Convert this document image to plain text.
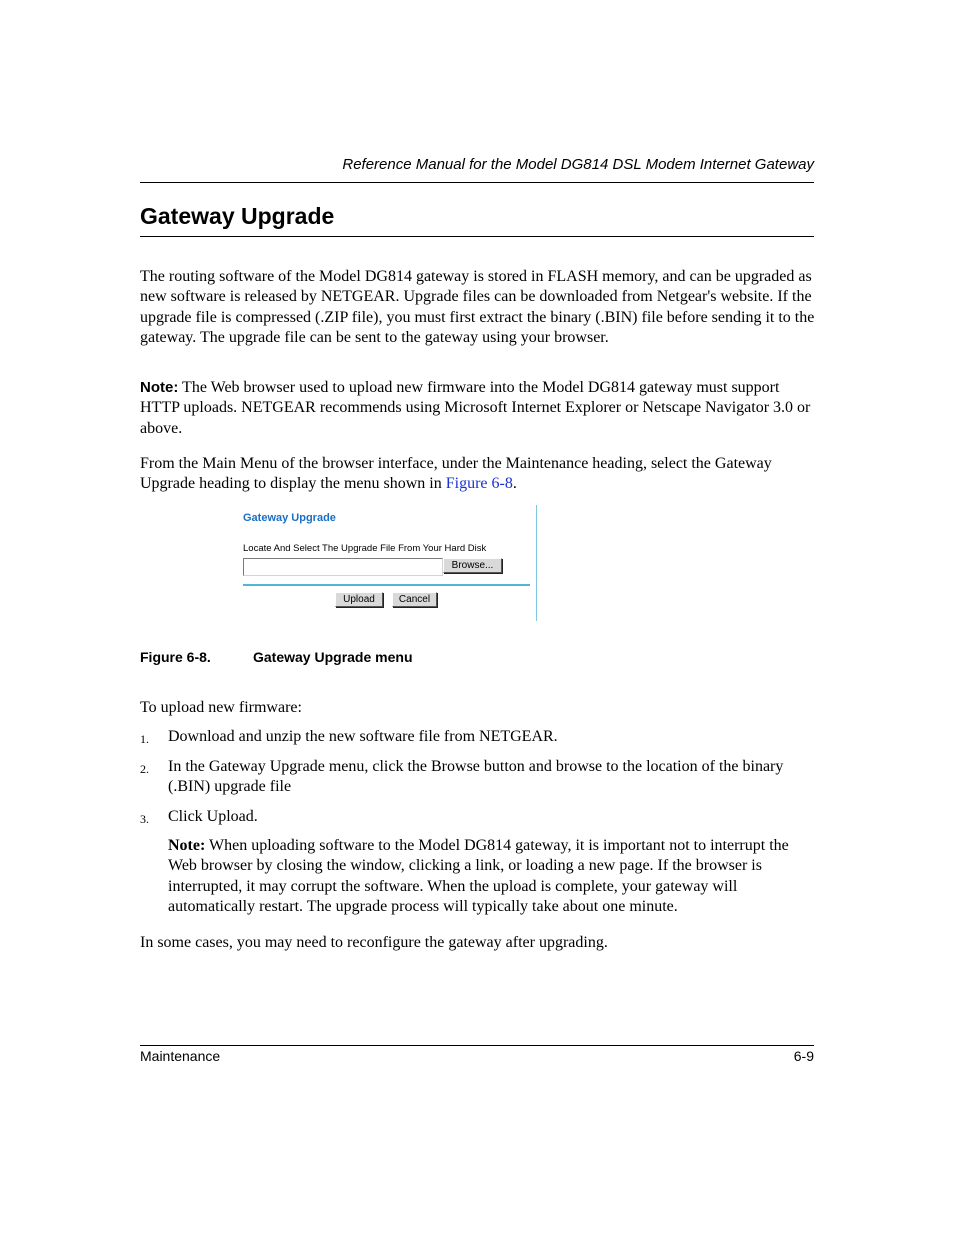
Reference Manual for the Model DG814 DSL Modem Internet Gateway
Gateway Upgrade
The routing software of the Model DG814 gateway is stored in FLASH memory, and can be upgraded as new software is released by NETGEAR. Upgrade files can be downloaded from Netgear's website. If the upgrade file is compressed (.ZIP file), you must first extract the binary (.BIN) file before sending it to the gateway. The upgrade file can be sent to the gateway using your browser.
Note: The Web browser used to upload new firmware into the Model DG814 gateway must support HTTP uploads. NETGEAR recommends using Microsoft Internet Explorer or Netscape Navigator 3.0 or above.
From the Main Menu of the browser interface, under the Maintenance heading, select the Gateway Upgrade heading to display the menu shown in Figure 6-8.
Gateway Upgrade
Locate And Select The Upgrade File From Your Hard Disk
Browse...
Upload	Cancel
Figure 6-8.	Gateway Upgrade menu
To upload new firmware:
1. Download and unzip the new software file from NETGEAR.
2. In the Gateway Upgrade menu, click the Browse button and browse to the location of the binary (.BIN) upgrade file
3. Click Upload.
Note: When uploading software to the Model DG814 gateway, it is important not to interrupt the Web browser by closing the window, clicking a link, or loading a new page. If the browser is interrupted, it may corrupt the software. When the upload is complete, your gateway will automatically restart. The upgrade process will typically take about one minute.
In some cases, you may need to reconfigure the gateway after upgrading.
Maintenance	6-9
